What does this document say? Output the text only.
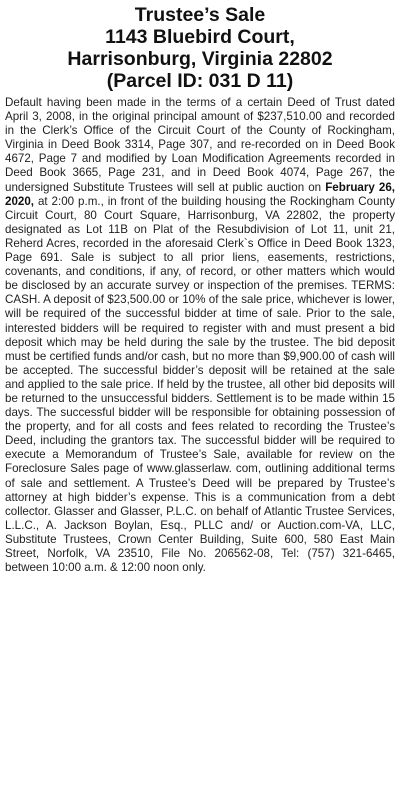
Trustee’s Sale
1143 Bluebird Court,
Harrisonburg, Virginia 22802
(Parcel ID: 031 D 11)

Default having been made in the terms of a certain Deed of Trust dated April 3, 2008, in the original principal amount of $237,510.00 and recorded in the Clerk’s Office of the Circuit Court of the County of Rockingham, Virginia in Deed Book 3314, Page 307, and re-recorded on in Deed Book 4672, Page 7 and modified by Loan Modification Agreements recorded in Deed Book 3665, Page 231, and in Deed Book 4074, Page 267, the undersigned Substitute Trustees will sell at public auction on February 26, 2020, at 2:00 p.m., in front of the building housing the Rockingham County Circuit Court, 80 Court Square, Harrisonburg, VA 22802, the property designated as Lot 11B on Plat of the Resubdivision of Lot 11, unit 21, Reherd Acres, recorded in the aforesaid Clerk`s Office in Deed Book 1323, Page 691. Sale is subject to all prior liens, easements, restrictions, covenants, and conditions, if any, of record, or other matters which would be disclosed by an accurate survey or inspection of the premises. TERMS: CASH. A deposit of $23,500.00 or 10% of the sale price, whichever is lower, will be required of the successful bidder at time of sale. Prior to the sale, interested bidders will be required to register with and must present a bid deposit which may be held during the sale by the trustee. The bid deposit must be certified funds and/or cash, but no more than $9,900.00 of cash will be accepted. The successful bidder’s deposit will be retained at the sale and applied to the sale price. If held by the trustee, all other bid deposits will be returned to the unsuccessful bidders. Settlement is to be made within 15 days. The successful bidder will be responsible for obtaining possession of the property, and for all costs and fees related to recording the Trustee’s Deed, including the grantors tax. The successful bidder will be required to execute a Memorandum of Trustee’s Sale, available for review on the Foreclosure Sales page of www.glasserlaw. com, outlining additional terms of sale and settlement. A Trustee’s Deed will be prepared by Trustee’s attorney at high bidder’s expense. This is a communication from a debt collector. Glasser and Glasser, P.L.C. on behalf of Atlantic Trustee Services, L.L.C., A. Jackson Boylan, Esq., PLLC and/ or Auction.com-VA, LLC, Substitute Trustees, Crown Center Building, Suite 600, 580 East Main Street, Norfolk, VA 23510, File No. 206562-08, Tel: (757) 321-6465, between 10:00 a.m. & 12:00 noon only.
